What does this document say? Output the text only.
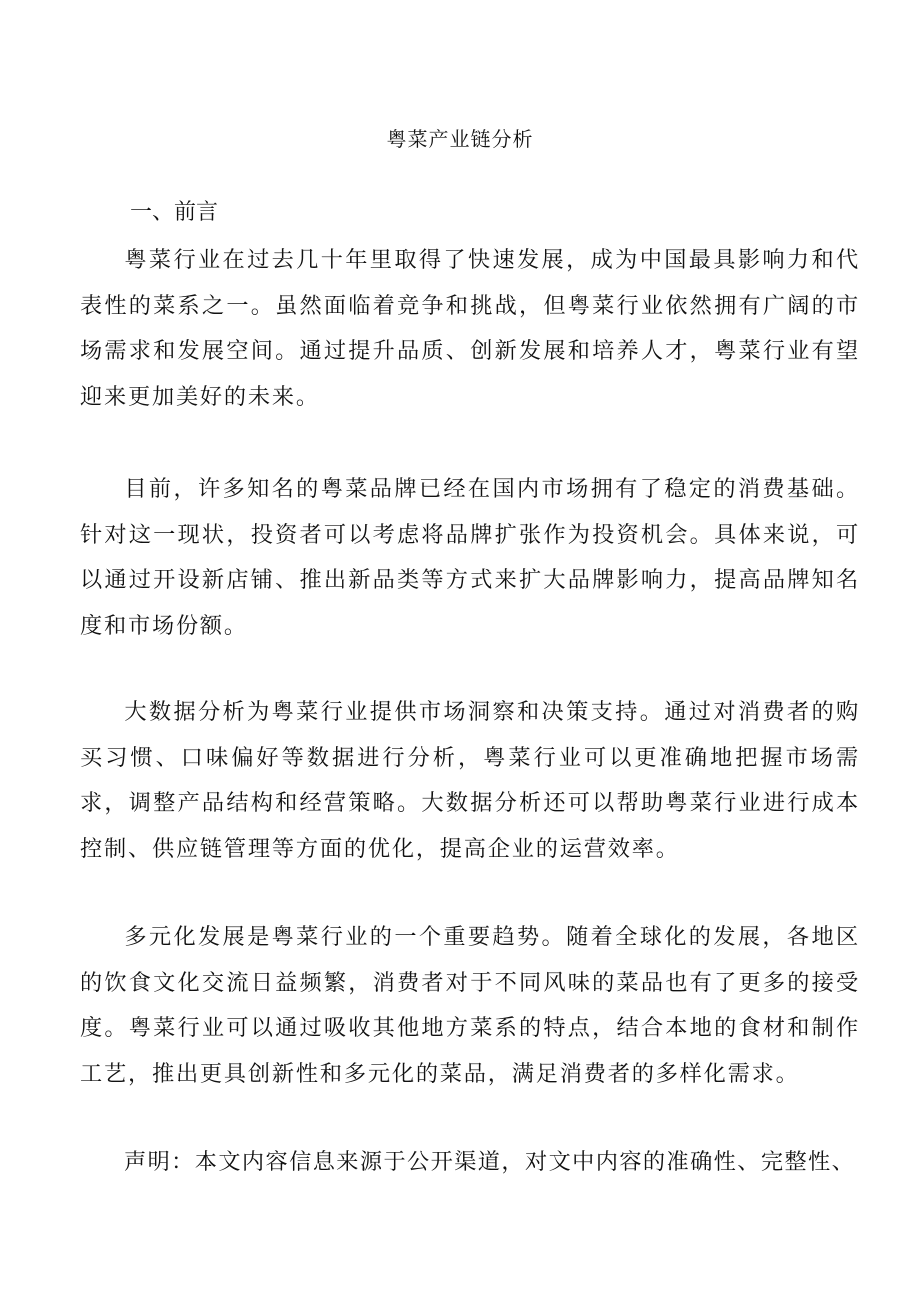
粤菜产业链分析
一、前言

粤菜行业在过去几十年里取得了快速发展，成为中国最具影响力和代表性的菜系之一。虽然面临着竞争和挑战，但粤菜行业依然拥有广阔的市场需求和发展空间。通过提升品质、创新发展和培养人才，粤菜行业有望迎来更加美好的未来。

目前，许多知名的粤菜品牌已经在国内市场拥有了稳定的消费基础。针对这一现状，投资者可以考虑将品牌扩张作为投资机会。具体来说，可以通过开设新店铺、推出新品类等方式来扩大品牌影响力，提高品牌知名度和市场份额。

大数据分析为粤菜行业提供市场洞察和决策支持。通过对消费者的购买习惯、口味偏好等数据进行分析，粤菜行业可以更准确地把握市场需求，调整产品结构和经营策略。大数据分析还可以帮助粤菜行业进行成本控制、供应链管理等方面的优化，提高企业的运营效率。

多元化发展是粤菜行业的一个重要趋势。随着全球化的发展，各地区的饮食文化交流日益频繁，消费者对于不同风味的菜品也有了更多的接受度。粤菜行业可以通过吸收其他地方菜系的特点，结合本地的食材和制作工艺，推出更具创新性和多元化的菜品，满足消费者的多样化需求。

声明：本文内容信息来源于公开渠道，对文中内容的准确性、完整性、
